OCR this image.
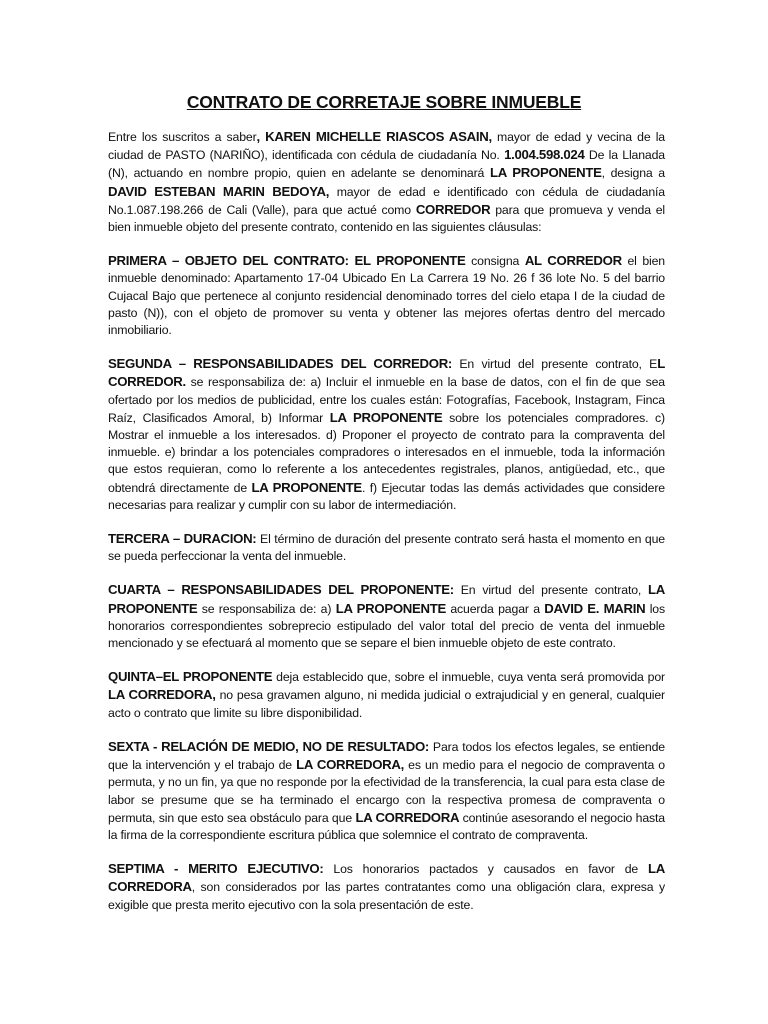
CONTRATO DE CORRETAJE SOBRE INMUEBLE

Entre los suscritos a saber, KAREN MICHELLE RIASCOS ASAIN, mayor de edad y vecina de la ciudad de PASTO (NARIÑO), identificada con cédula de ciudadanía No. 1.004.598.024 De la Llanada (N), actuando en nombre propio, quien en adelante se denominará LA PROPONENTE, designa a DAVID ESTEBAN MARIN BEDOYA, mayor de edad e identificado con cédula de ciudadanía No.1.087.198.266 de Cali (Valle), para que actué como CORREDOR para que promueva y venda el bien inmueble objeto del presente contrato, contenido en las siguientes cláusulas:

PRIMERA – OBJETO DEL CONTRATO: EL PROPONENTE consigna AL CORREDOR el bien inmueble denominado: Apartamento 17-04 Ubicado En La Carrera 19 No. 26 f 36 lote No. 5 del barrio Cujacal Bajo que pertenece al conjunto residencial denominado torres del cielo etapa I de la ciudad de pasto (N)), con el objeto de promover su venta y obtener las mejores ofertas dentro del mercado inmobiliario.

SEGUNDA – RESPONSABILIDADES DEL CORREDOR: En virtud del presente contrato, EL CORREDOR. se responsabiliza de: a) Incluir el inmueble en la base de datos, con el fin de que sea ofertado por los medios de publicidad, entre los cuales están: Fotografías, Facebook, Instagram, Finca Raíz, Clasificados Amoral, b) Informar LA PROPONENTE sobre los potenciales compradores. c) Mostrar el inmueble a los interesados. d) Proponer el proyecto de contrato para la compraventa del inmueble. e) brindar a los potenciales compradores o interesados en el inmueble, toda la información que estos requieran, como lo referente a los antecedentes registrales, planos, antigüedad, etc., que obtendrá directamente de LA PROPONENTE. f) Ejecutar todas las demás actividades que considere necesarias para realizar y cumplir con su labor de intermediación.

TERCERA – DURACION: El término de duración del presente contrato será hasta el momento en que se pueda perfeccionar la venta del inmueble.

CUARTA – RESPONSABILIDADES DEL PROPONENTE: En virtud del presente contrato, LA PROPONENTE se responsabiliza de: a) LA PROPONENTE acuerda pagar a DAVID E. MARIN los honorarios correspondientes sobreprecio estipulado del valor total del precio de venta del inmueble mencionado y se efectuará al momento que se separe el bien inmueble objeto de este contrato.

QUINTA–EL PROPONENTE deja establecido que, sobre el inmueble, cuya venta será promovida por LA CORREDORA, no pesa gravamen alguno, ni medida judicial o extrajudicial y en general, cualquier acto o contrato que limite su libre disponibilidad.

SEXTA - RELACIÓN DE MEDIO, NO DE RESULTADO: Para todos los efectos legales, se entiende que la intervención y el trabajo de LA CORREDORA, es un medio para el negocio de compraventa o permuta, y no un fin, ya que no responde por la efectividad de la transferencia, la cual para esta clase de labor se presume que se ha terminado el encargo con la respectiva promesa de compraventa o permuta, sin que esto sea obstáculo para que LA CORREDORA continúe asesorando el negocio hasta la firma de la correspondiente escritura pública que solemnice el contrato de compraventa.

SEPTIMA - MERITO EJECUTIVO: Los honorarios pactados y causados en favor de LA CORREDORA, son considerados por las partes contratantes como una obligación clara, expresa y exigible que presta merito ejecutivo con la sola presentación de este.
